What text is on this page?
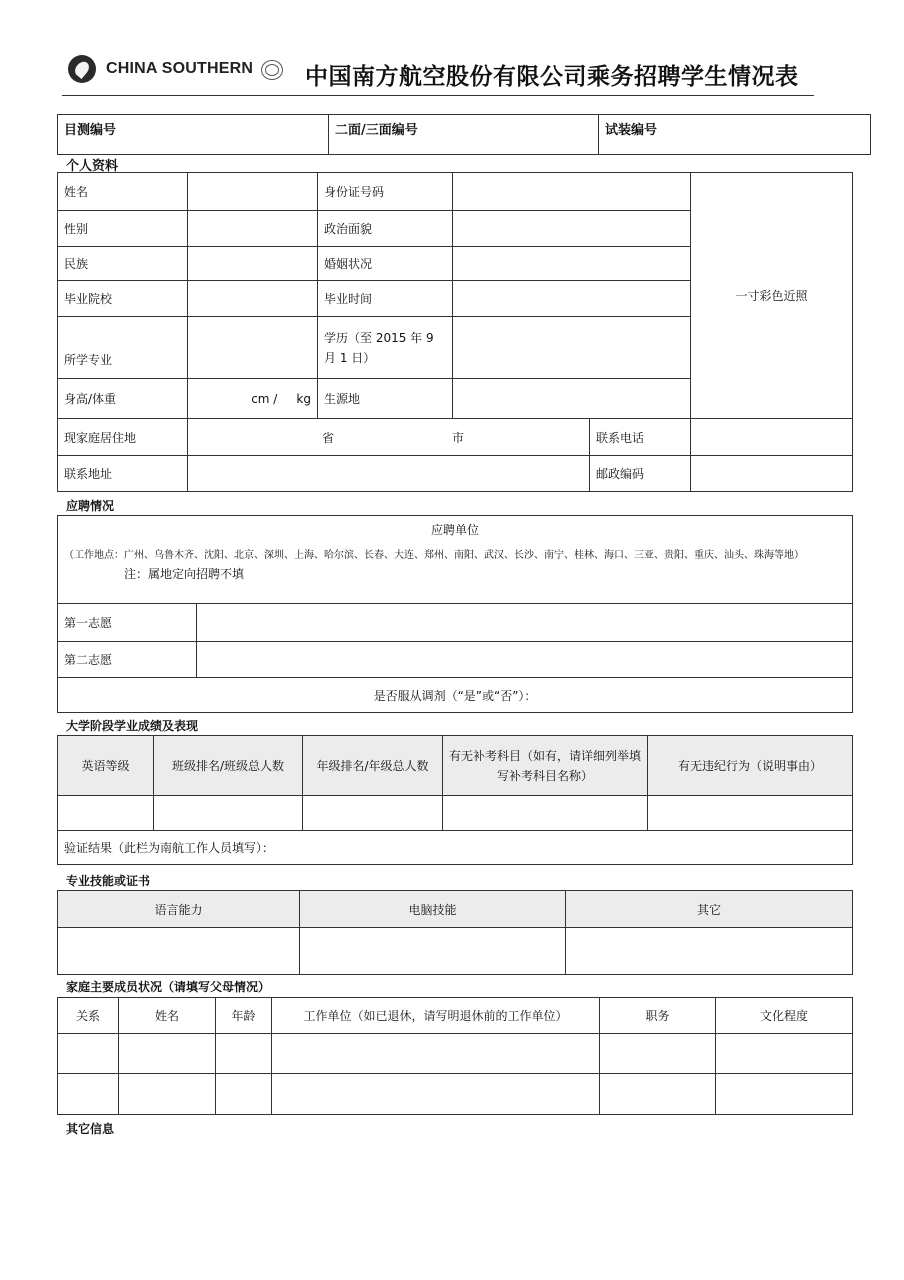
CHINA SOUTHERN 中国南方航空股份有限公司乘务招聘学生情况表
目测编号	二面/三面编号	试装编号
个人资料
姓名		身份证号码			一寸彩色近照
性别		政治面貌			
民族		婚姻状况			
毕业院校		毕业时间			
所学专业		学历（至 2015 年 9 月 1 日）			
身高/体重	cm /     kg	生源地			
现家庭居住地	省 市			联系电话	
联系地址				邮政编码	
应聘情况
应聘单位
（工作地点：广州、乌鲁木齐、沈阳、北京、深圳、上海、哈尔滨、长春、大连、郑州、南阳、武汉、长沙、南宁、桂林、海口、三亚、贵阳、重庆、汕头、珠海等地）注：属地定向招聘不填	

第一志愿	
第二志愿	
是否服从调剂（“是”或“否”）：	
大学阶段学业成绩及表现
英语等级	班级排名/班级总人数	年级排名/年级总人数	有无补考科目（如有，请详细列举填写补考科目名称）	有无违纪行为（说明事由）

验证结果（此栏为南航工作人员填写）：				
专业技能或证书
语言能力	电脑技能	其它

家庭主要成员状况（请填写父母情况）
关系	姓名	年龄	工作单位（如已退休，请写明退休前的工作单位）	职务	文化程度

其它信息
